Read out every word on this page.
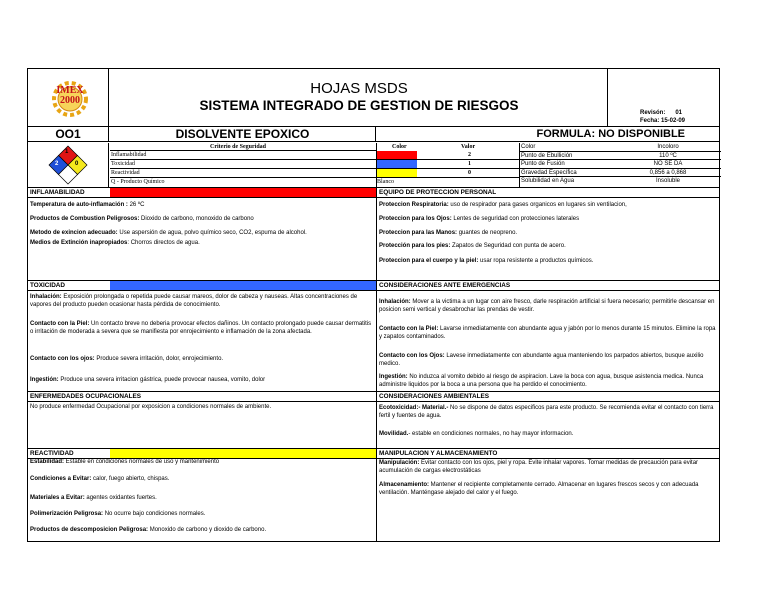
IMEX 2000
HOJAS MSDS
SISTEMA INTEGRADO DE GESTION DE RIESGOS	Revisón:      01
Fecha: 15-02-09
OO1	DISOLVENTE EPOXICO	FORMULA: NO DISPONIBLE
1
2	0
Criterio de Seguridad	Color	Valor
Inflamabilidad	2
Toxicidad	1
Reactividad	0
Q - Producto Químico	Blanco
Color	Incoloro
Punto de Ebullición	110 ºC
Punto de Fusión	NO SE DA
Gravedad Específica	0,856 a 0,868
Solubilidad en Agua	Insoluble
INFLAMABILIDAD
Temperatura de auto-inflamación : 26 ºC
Productos de Combustion Peligrosos: Dioxido de carbono, monoxido de carbono
Metodo de exincion adecuado: Use aspersión de agua, polvo químico seco, CO2, espuma de alcohol.
Medios de Extinción inapropiados: Chorros directos de agua.
TOXICIDAD
Inhalación: Exposición prolongada o repetida puede causar mareos, dolor de cabeza y nauseas. Altas concentraciones de vapores del producto pueden ocasionar hasta pérdida de conocimiento.
Contacto con la Piel: Un contacto breve no deberia provocar efectos dañinos. Un contacto prolongado puede causar dermatitis o irritación de moderada a severa que se manifiesta por enrojecimiento e inflamación de la zona afectada.
Contacto con los ojos: Produce severa irritación, dolor, enrojecimiento.
Ingestión: Produce una severa irritacion gástrica, puede provocar nausea, vomito, dolor
ENFERMEDADES OCUPACIONALES
No produce enfermedad Ocupacional por exposicion a condiciones normales de ambiente.
REACTIVIDAD
Estabilidad: Estable en condiciones normales de uso y mantenimiento
Condiciones a Evitar: calor, fuego abierto, chispas.
Materiales a Evitar: agentes oxidantes fuertes.
Polimerización Peligrosa: No ocurre bajo condiciones normales.
Productos de descomposicion Peligrosa: Monoxido de carbono y dioxido de carbono.
EQUIPO DE PROTECCION PERSONAL
Proteccion Respiratoria: uso de respirador para gases organicos en lugares sin ventilacion,
Proteccion para los Ojos: Lentes de seguridad con protecciones laterales
Proteccion para las Manos: guantes de neopreno.
Protección para los pies: Zapatos de Seguridad con punta de acero.
Proteccion para el cuerpo y la piel: usar ropa resistente a productos químicos.
CONSIDERACIONES ANTE EMERGENCIAS
Inhalación: Mover a la victima a un lugar con aire fresco, darle respiración artificial si fuera necesario; permitirle descansar en posicion semi vertical y desabrochar las prendas de vestir.
Contacto con la Piel: Lavarse inmediatamente con abundante agua y jabón por lo menos durante 15 minutos. Elimine la ropa y zapatos contaminados.
Contacto con los Ojos: Lavese inmediatamente con abundante agua manteniendo los parpados abiertos, busque auxilio medico.
Ingestión: No induzca al vomito debido al riesgo de aspiracion. Lave la boca con agua, busque asistencia medica. Nunca administre liquidos por la boca a una persona que ha perdido el conocimiento.
CONSIDERACIONES AMBIENTALES
Ecotoxicidad:- Material.- No se dispone de datos especificos para este producto. Se recomienda evitar el contacto con tierra fertil y fuentes de agua.
Movilidad.- estable en condiciones normales, no hay mayor informacion.
MANIPULACION Y ALMACENAMIENTO
Manipulación: Evitar contacto con los ojos, piel y ropa. Evite inhalar vapores. Tomar medidas de precaución para evitar acumulación de cargas electrostáticas
Almacenamiento: Mantener el recipiente completamente cerrado. Almacenar en lugares frescos secos y con adecuada ventilación. Manténgase alejado del calor y el fuego.
